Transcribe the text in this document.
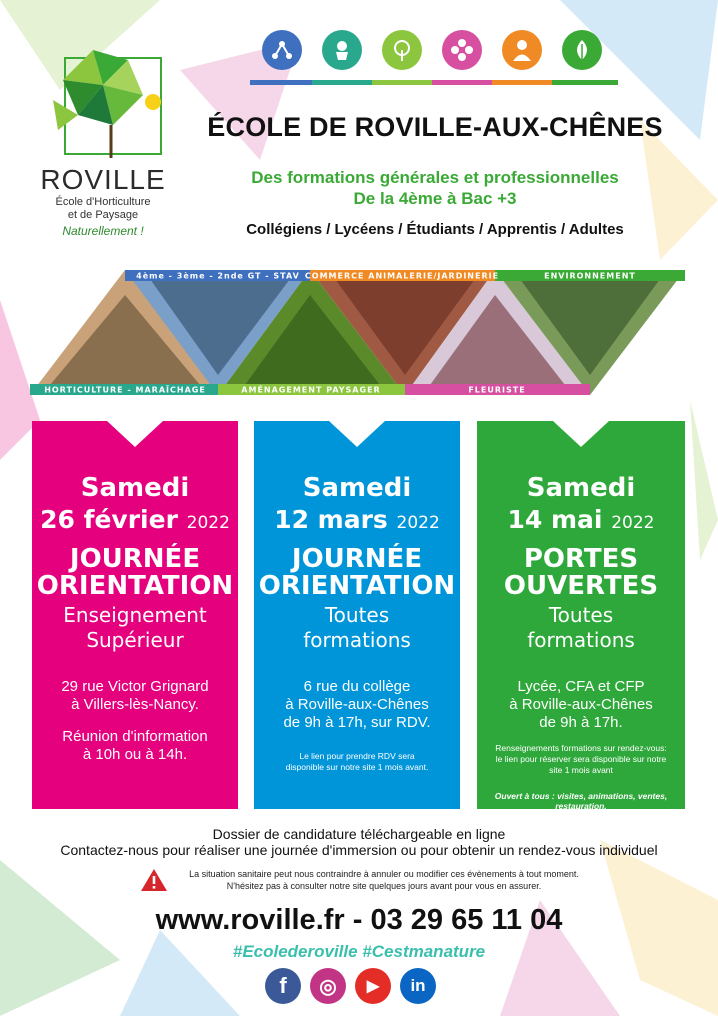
ROVILLE
École d'Horticulture
et de Paysage
Naturellement !
ÉCOLE DE ROVILLE-AUX-CHÊNES
Des formations générales et professionnelles
De la 4ème à Bac +3
Collégiens / Lycéens / Étudiants / Apprentis / Adultes
4ème - 3ème - 2nde GT - STAV COMMERCE ANIMALERIE/JARDINERIE	ENVIRONNEMENT
HORTICULTURE - MARAÎCHAGE	AMÉNAGEMENT PAYSAGER	FLEURISTE
Samedi
26 février 2022
JOURNÉE
ORIENTATION
Enseignement
Supérieur
29 rue Victor Grignard
à Villers-lès-Nancy.
Réunion d'information
à 10h ou à 14h.
Samedi
12 mars 2022
JOURNÉE
ORIENTATION
Toutes
formations
6 rue du collège
à Roville-aux-Chênes
de 9h à 17h, sur RDV.
Le lien pour prendre RDV sera
disponible sur notre site 1 mois avant.
Samedi
14 mai 2022
PORTES
OUVERTES
Toutes
formations
Lycée, CFA et CFP
à Roville-aux-Chênes
de 9h à 17h.
Renseignements formations sur rendez-vous:
le lien pour réserver sera disponible sur notre
site 1 mois avant
Ouvert à tous : visites, animations, ventes, restauration.
Dossier de candidature téléchargeable en ligne
Contactez-nous pour réaliser une journée d'immersion ou pour obtenir un rendez-vous individuel
La situation sanitaire peut nous contraindre à annuler ou modifier ces évènements à tout moment.
N'hésitez pas à consulter notre site quelques jours avant pour vous en assurer.
www.roville.fr - 03 29 65 11 04
#Ecolederoville #Cestmanature
f ◎ ▶ in
